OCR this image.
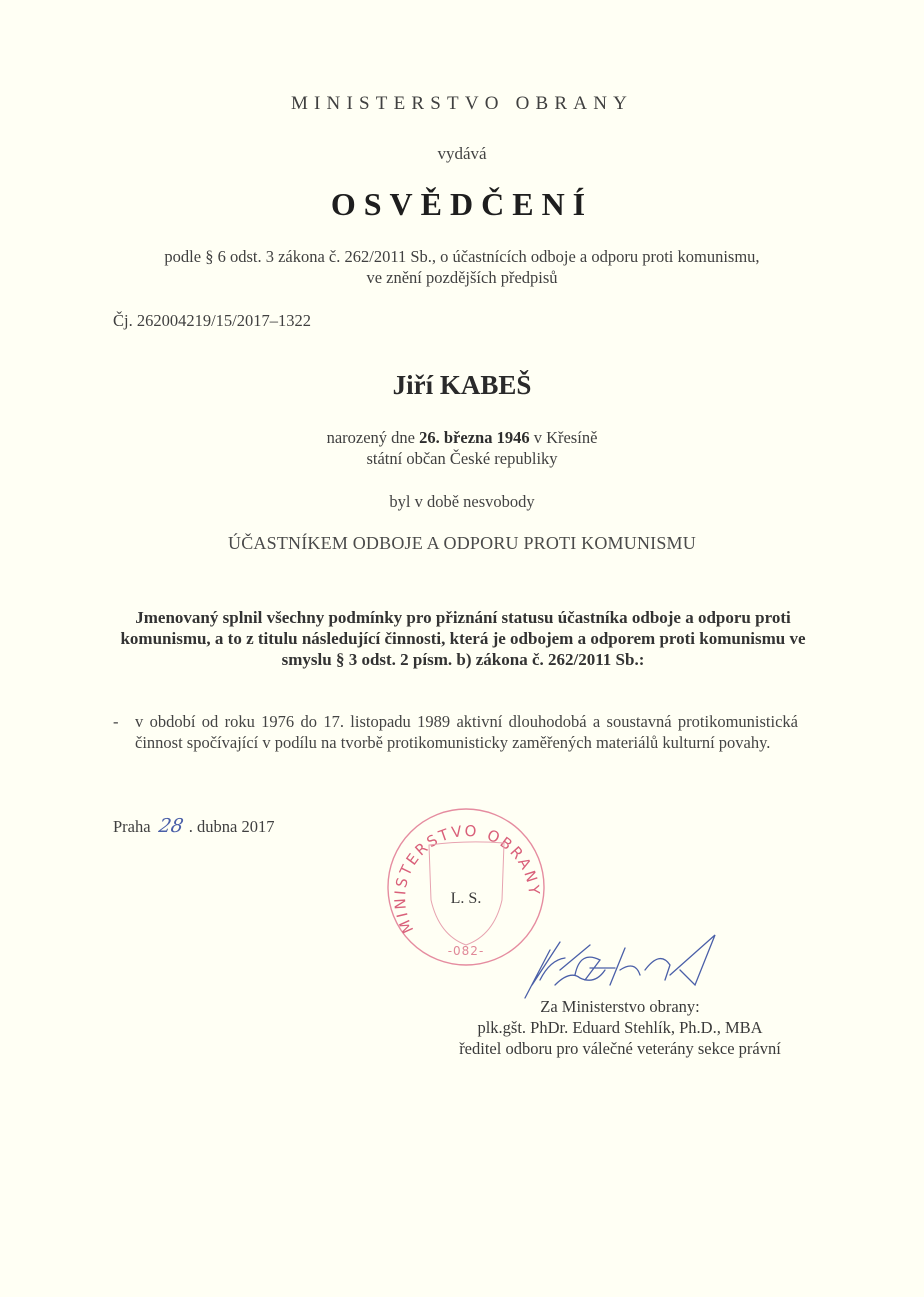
MINISTERSTVO OBRANY
vydává
OSVĚDČENÍ
podle § 6 odst. 3 zákona č. 262/2011 Sb., o účastnících odboje a odporu proti komunismu,
ve znění pozdějších předpisů
Čj. 262004219/15/2017–1322
Jiří KABEŠ
narozený dne 26. března 1946 v Křesíně
státní občan České republiky
byl v době nesvobody
ÚČASTNÍKEM ODBOJE A ODPORU PROTI KOMUNISMU
Jmenovaný splnil všechny podmínky pro přiznání statusu účastníka odboje a odporu proti komunismu, a to z titulu následující činnosti, která je odbojem a odporem proti komunismu ve smyslu § 3 odst. 2 písm. b) zákona č. 262/2011 Sb.:
- v období od roku 1976 do 17. listopadu 1989 aktivní dlouhodobá a soustavná protikomunistická činnost spočívající v podílu na tvorbě protikomunisticky zaměřených materiálů kulturní povahy.
Praha 28 . dubna 2017
MINISTERSTVO OBRANY
-082-
L. S.
Za Ministerstvo obrany:
plk.gšt. PhDr. Eduard Stehlík, Ph.D., MBA
ředitel odboru pro válečné veterány sekce právní
